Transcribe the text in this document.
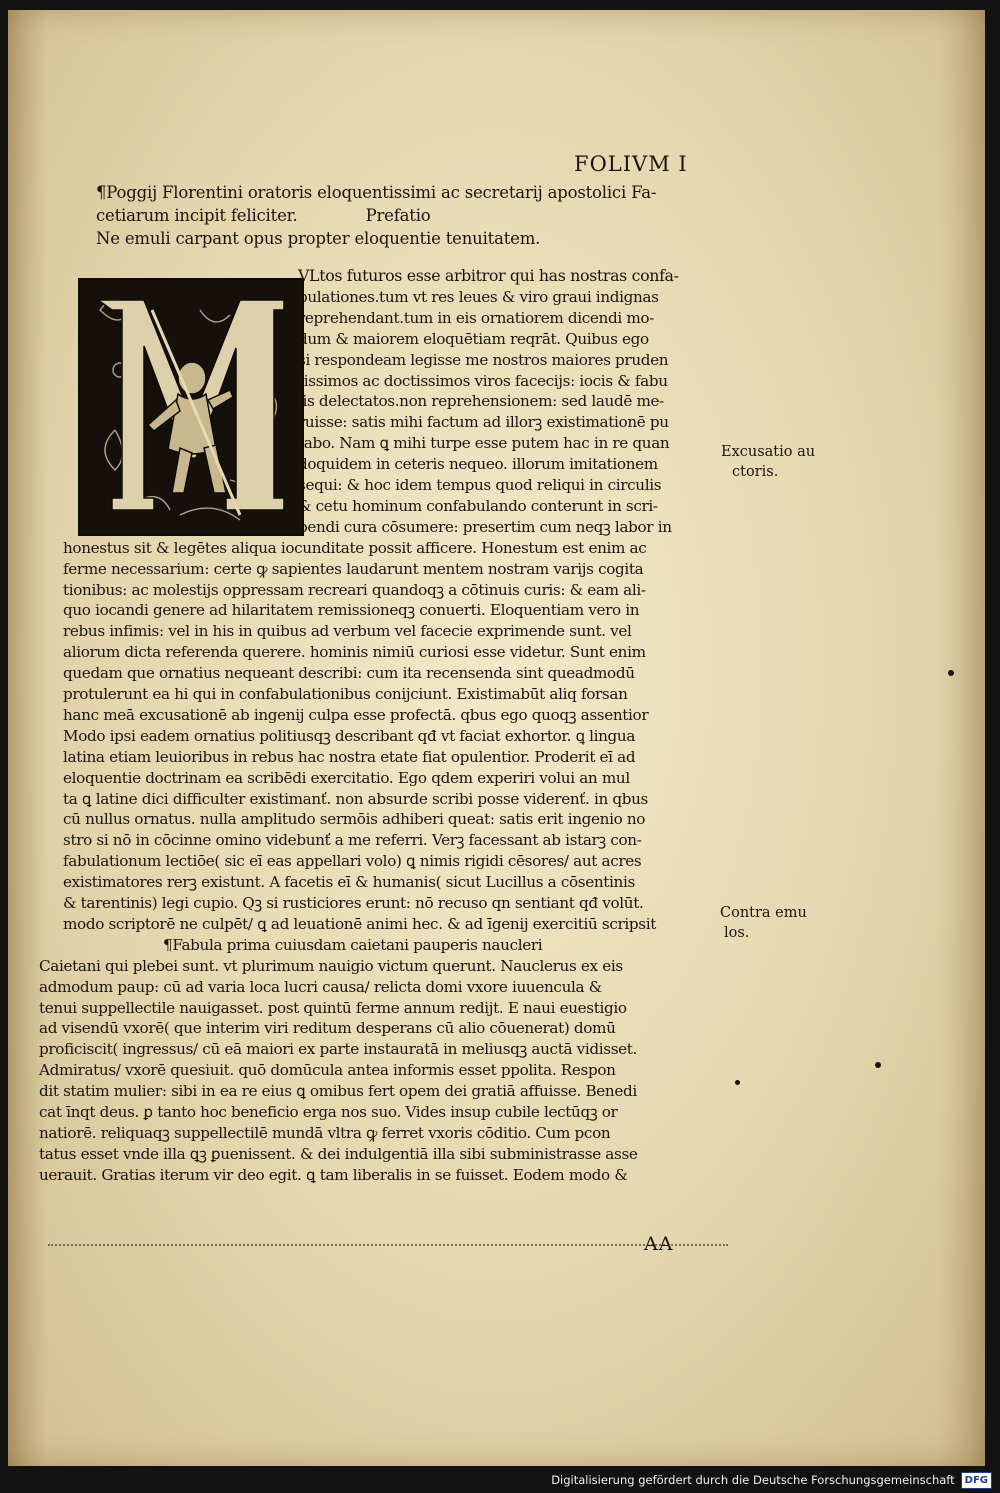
FOLIVM I
¶Poggij Florentini oratoris eloquentissimi ac secretarij apostolici Fa-
cetiarum incipit feliciter.	Prefatio
Ne emuli carpant opus propter eloquentie tenuitatem.
VLtos futuros esse arbitror qui has nostras confa-
bulationes.tum vt res leues & viro graui indignas
reprehendant.tum in eis ornatiorem dicendi mo-
dum & maiorem eloquētiam reqrāt. Quibus ego
si respondeam legisse me nostros maiores pruden
tissimos ac doctissimos viros facecijs: iocis & fabu
lis delectatos.non reprehensionem: sed laudē me-
ruisse: satis mihi factum ad illorꝫ existimationē pu
tabo. Nam ꝗ mihi turpe esse putem hac in re quan
doquidem in ceteris nequeo. illorum imitationem
sequi: & hoc idem tempus quod reliqui in circulis
& cetu hominum confabulando conterunt in scri-
bendi cura cōsumere: presertim cum neqꝫ labor in
honestus sit & legētes aliqua iocunditate possit afficere. Honestum est enim ac
ferme necessarium: certe ꝙ sapientes laudarunt mentem nostram varijs cogita
tionibus: ac molestijs oppressam recreari quandoqꝫ a cōtinuis curis: & eam ali-
quo iocandi genere ad hilaritatem remissioneqꝫ conuerti. Eloquentiam vero in
rebus infimis: vel in his in quibus ad verbum vel facecie exprimende sunt. vel
aliorum dicta referenda querere. hominis nimiū curiosi esse videtur. Sunt enim
quedam que ornatius nequeant describi: cum ita recensenda sint queadmodū
protulerunt ea hi qui in confabulationibus conijciunt. Existimabūt aliq forsan
hanc meā excusationē ab ingenij culpa esse profectā. qbus ego quoqꝫ assentior
Modo ipsi eadem ornatius politiusqꝫ describant qđ vt faciat exhortor. ꝗ lingua
latina etiam leuioribus in rebus hac nostra etate fiat opulentior. Proderit eī ad
eloquentie doctrinam ea scribēdi exercitatio. Ego qdem experiri volui an mul
ta ꝗ latine dici difficulter existimanť. non absurde scribi posse viderenť. in qbus
cū nullus ornatus. nulla amplitudo sermōis adhiberi queat: satis erit ingenio no
stro si nō in cōcinne omino videbunť a me referri. Verꝫ facessant ab istarꝫ con-
fabulationum lectiōe( sic eī eas appellari volo) ꝗ nimis rigidi cēsores/ aut acres
existimatores rerꝫ existunt. A facetis eī & humanis( sicut Lucillus a cōsentinis
& tarentinis) legi cupio. Qꝫ si rusticiores erunt: nō recuso qn sentiant qđ volūt.
modo scriptorē ne culpēt/ ꝗ ad leuationē animi hec. & ad īgenij exercitiū scripsit
¶Fabula prima cuiusdam caietani pauperis naucleri
Caietani qui plebei sunt. vt plurimum nauigio victum querunt. Nauclerus ex eis
admodum paup: cū ad varia loca lucri causa/ relicta domi vxore iuuencula &
tenui suppellectile nauigasset. post quintū ferme annum redijt. E naui euestigio
ad visendū vxorē( que interim viri reditum desperans cū alio cōuenerat) domū
proficiscit( ingressus/ cū eā maiori ex parte instauratā in meliusqꝫ auctā vidisset.
Admiratus/ vxorē quesiuit. quō domūcula antea informis esset ppolita. Respon
dit statim mulier: sibi in ea re eius ꝗ omibus fert opem dei gratiā affuisse. Benedi
cat īnqt deus. ꝑ tanto hoc beneficio erga nos suo. Vides insup cubile lectūqꝫ or
natiorē. reliquaqꝫ suppellectilē mundā vltra ꝙ ferret vxoris cōditio. Cum pcon
tatus esset vnde illa ꝗꝫ ꝑuenissent. & dei indulgentiā illa sibi subministrasse asse
uerauit. Gratias iterum vir deo egit. ꝗ tam liberalis in se fuisset. Eodem modo &
Excusatio au
ctoris.
Contra emu
los.
AA
Digitalisierung gefördert durch die Deutsche Forschungsgemeinschaft	DFG
